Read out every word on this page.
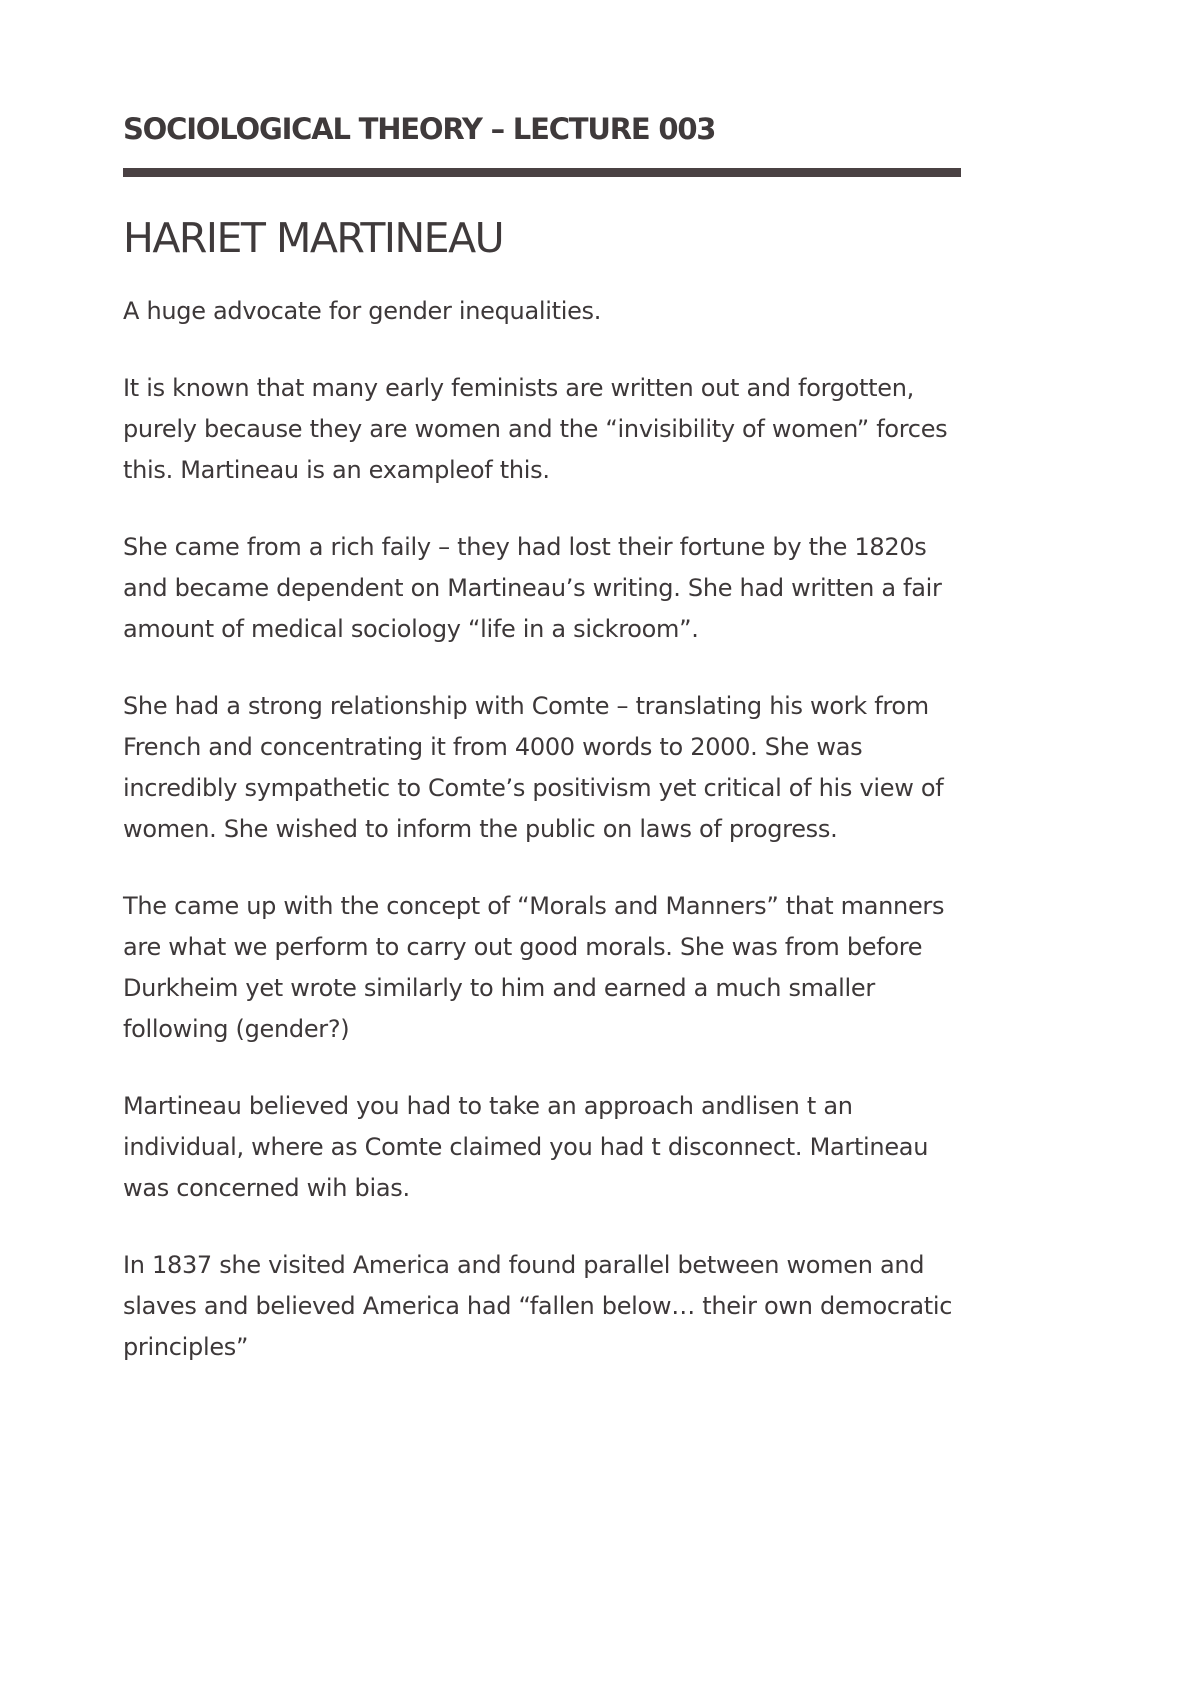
SOCIOLOGICAL THEORY – LECTURE 003
HARIET MARTINEAU

A huge advocate for gender inequalities.

It is known that many early feminists are written out and forgotten, purely because they are women and the “invisibility of women” forces this. Martineau is an exampleof this.

She came from a rich faily – they had lost their fortune by the 1820s and became dependent on Martineau’s writing. She had written a fair amount of medical sociology “life in a sickroom”.

She had a strong relationship with Comte – translating his work from French and concentrating it from 4000 words to 2000. She was incredibly sympathetic to Comte’s positivism yet critical of his view of women. She wished to inform the public on laws of progress.

The came up with the concept of “Morals and Manners” that manners are what we perform to carry out good morals. She was from before Durkheim yet wrote similarly to him and earned a much smaller following (gender?)

Martineau believed you had to take an approach andlisen t an individual, where as Comte claimed you had t disconnect. Martineau was concerned wih bias.

In 1837 she visited America and found parallel between women and slaves and believed America had “fallen below… their own democratic principles”
